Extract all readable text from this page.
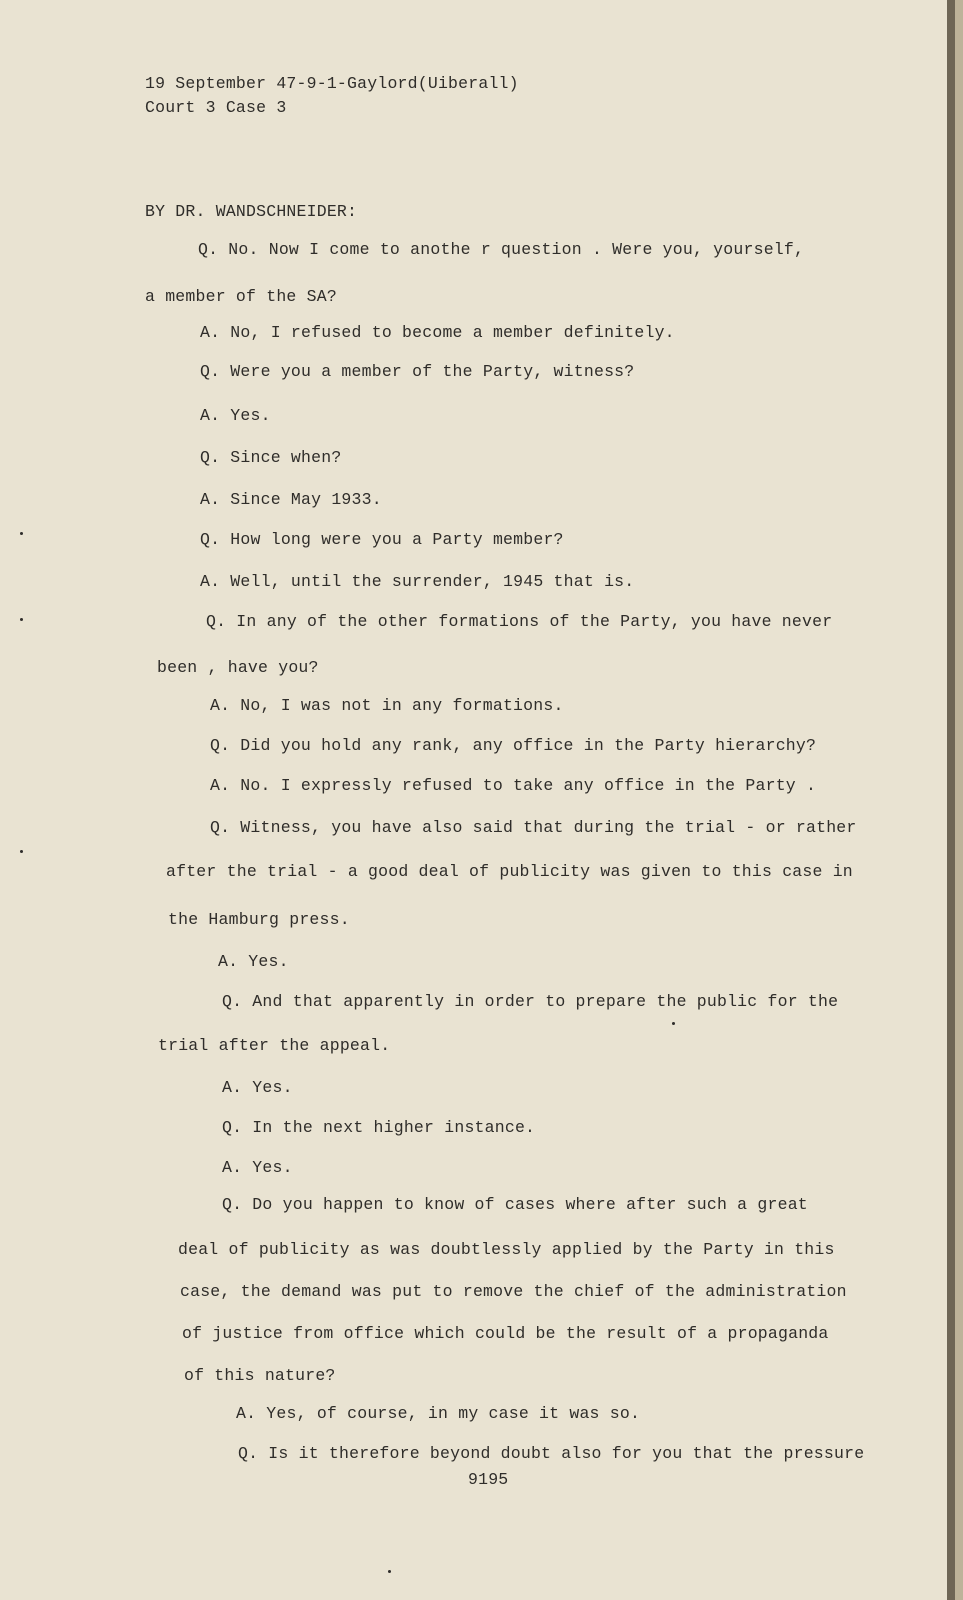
19 September 47-9-1-Gaylord(Uiberall)
Court 3 Case 3
BY DR. WANDSCHNEIDER:
Q. No. Now I come to anothe r question . Were you, yourself,
a member of the SA?
A. No, I refused to become a member definitely.
Q. Were you a member of the Party, witness?
A. Yes.
Q. Since when?
A. Since May 1933.
Q. How long were you a Party member?
A. Well, until the surrender, 1945 that is.
Q. In any of the other formations of the Party, you have never
been , have you?
A. No, I was not in any formations.
Q. Did you hold any rank, any office in the Party hierarchy?
A. No. I expressly refused to take any office in the Party .
Q. Witness, you have also said that during the trial - or rather
after the trial - a good deal of publicity was given to this case in
the Hamburg press.
A. Yes.
Q. And that apparently in order to prepare the public for the
trial after the appeal.
A. Yes.
Q. In the next higher instance.
A. Yes.
Q. Do you happen to know of cases where after such a great
deal of publicity as was doubtlessly applied by the Party in this
case, the demand was put to remove the chief of the administration
of justice from office which could be the result of a propaganda
of this nature?
A. Yes, of course, in my case it was so.
Q. Is it therefore beyond doubt also for you that the pressure
9195
